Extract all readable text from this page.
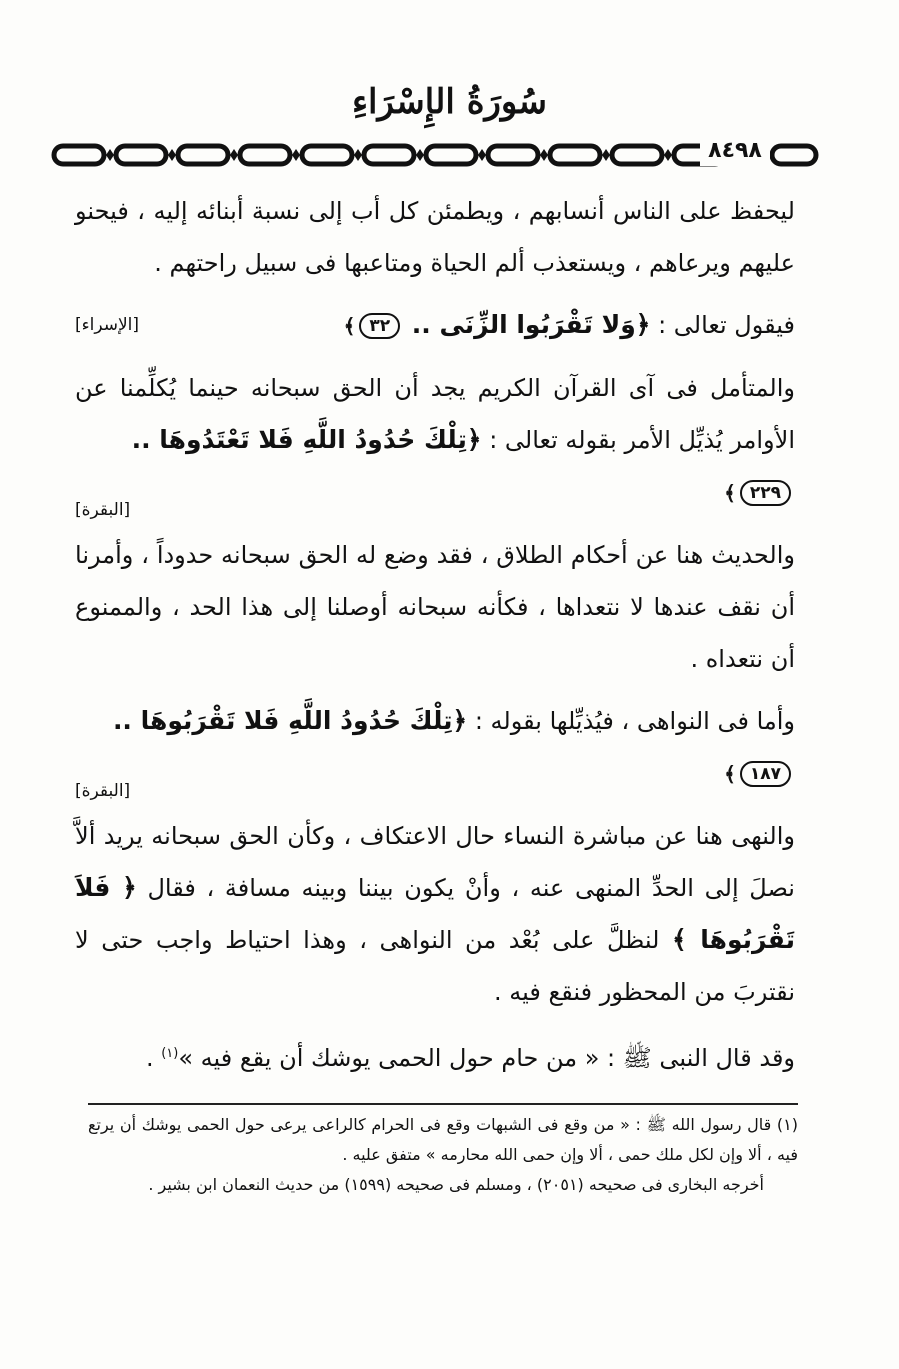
سُورَةُ الإِسْرَاءِ
٨٤٩٨

ليحفظ على الناس أنسابهم ، ويطمئن كل أب إلى نسبة أبنائه إليه ، فيحنو عليهم ويرعاهم ، ويستعذب ألم الحياة ومتاعبها فى سبيل راحتهم .

فيقول تعالى : ﴿وَلا تَقْرَبُوا الزِّنَى .. ٣٢﴾
[الإسراء]

والمتأمل فى آى القرآن الكريم يجد أن الحق سبحانه حينما يُكلِّمنا عن الأوامر يُذيِّل الأمر بقوله تعالى : ﴿تِلْكَ حُدُودُ اللَّهِ فَلا تَعْتَدُوهَا ..

٢٢٩﴾
[البقرة]

والحديث هنا عن أحكام الطلاق ، فقد وضع له الحق سبحانه حدوداً ، وأمرنا أن نقف عندها لا نتعداها ، فكأنه سبحانه أوصلنا إلى هذا الحد ، والممنوع أن نتعداه .

وأما فى النواهى ، فيُذيِّلها بقوله : ﴿تِلْكَ حُدُودُ اللَّهِ فَلا تَقْرَبُوهَا ..

١٨٧﴾
[البقرة]

والنهى هنا عن مباشرة النساء حال الاعتكاف ، وكأن الحق سبحانه يريد ألاَّ نصلَ إلى الحدِّ المنهى عنه ، وأنْ يكون بيننا وبينه مسافة ، فقال ﴿ فَلاَ تَقْرَبُوهَا ﴾ لنظلَّ على بُعْد من النواهى ، وهذا احتياط واجب حتى لا نقتربَ من المحظور فنقع فيه .

وقد قال النبى ﷺ : « من حام حول الحمى يوشك أن يقع فيه »$^{(١)}$ .

(١) قال رسول الله ﷺ : « من وقع فى الشبهات وقع فى الحرام كالراعى يرعى حول الحمى يوشك أن يرتع فيه ، ألا وإن لكل ملك حمى ، ألا وإن حمى الله محارمه » متفق عليه .

أخرجه البخارى فى صحيحه (٢٠٥١) ، ومسلم فى صحيحه (١٥٩٩) من حديث النعمان ابن بشير .
